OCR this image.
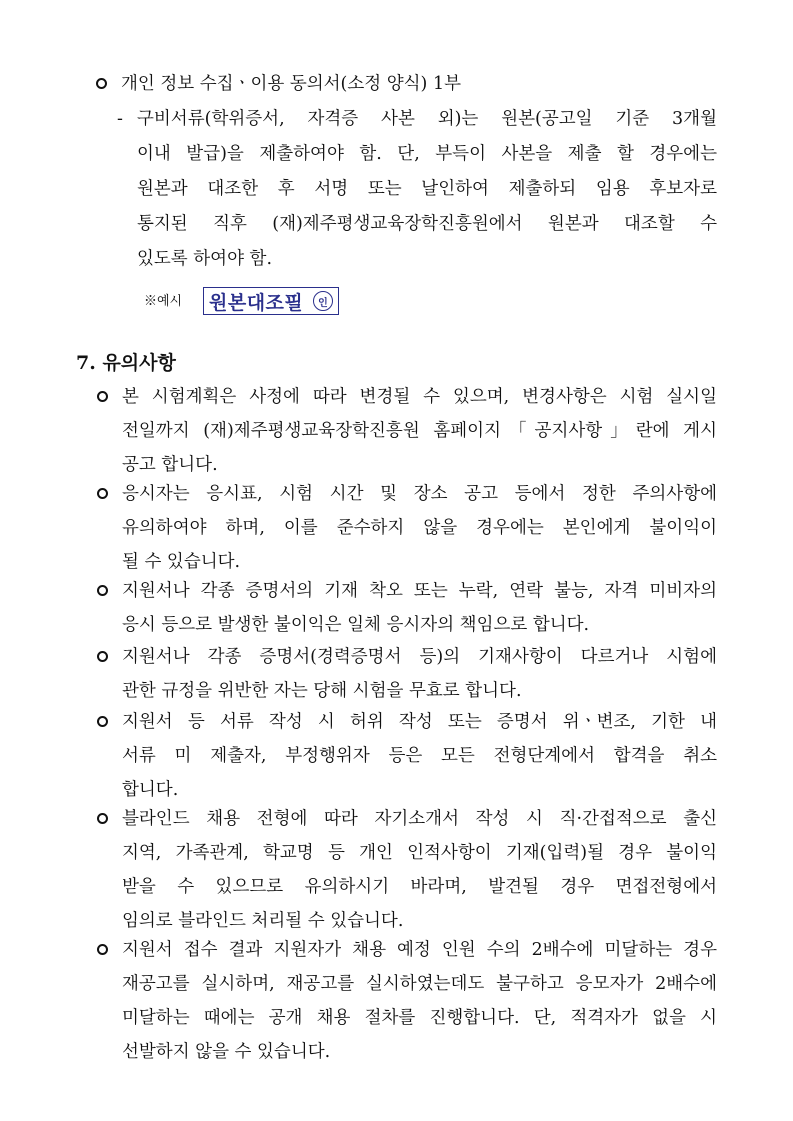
개인 정보 수집ㆍ이용 동의서(소정 양식) 1부
- 구비서류(학위증서, 자격증 사본 외)는 원본(공고일 기준 3개월
이내 발급)을 제출하여야 함. 단, 부득이 사본을 제출 할 경우에는
원본과 대조한 후 서명 또는 날인하여 제출하되 임용 후보자로
통지된 직후 (재)제주평생교육장학진흥원에서 원본과 대조할 수
있도록 하여야 함.
※예시 원본대조필	인
7. 유의사항
본 시험계획은 사정에 따라 변경될 수 있으며, 변경사항은 시험 실시일
전일까지 (재)제주평생교육장학진흥원 홈페이지「공지사항」란에 게시
공고 합니다.
응시자는 응시표, 시험 시간 및 장소 공고 등에서 정한 주의사항에
유의하여야 하며, 이를 준수하지 않을 경우에는 본인에게 불이익이
될 수 있습니다.
지원서나 각종 증명서의 기재 착오 또는 누락, 연락 불능, 자격 미비자의
응시 등으로 발생한 불이익은 일체 응시자의 책임으로 합니다.
지원서나 각종 증명서(경력증명서 등)의 기재사항이 다르거나 시험에
관한 규정을 위반한 자는 당해 시험을 무효로 합니다.
지원서 등 서류 작성 시 허위 작성 또는 증명서 위ㆍ변조, 기한 내
서류 미 제출자, 부정행위자 등은 모든 전형단계에서 합격을 취소
합니다.
블라인드 채용 전형에 따라 자기소개서 작성 시 직·간접적으로 출신
지역, 가족관계, 학교명 등 개인 인적사항이 기재(입력)될 경우 불이익
받을 수 있으므로 유의하시기 바라며, 발견될 경우 면접전형에서
임의로 블라인드 처리될 수 있습니다.
지원서 접수 결과 지원자가 채용 예정 인원 수의 2배수에 미달하는 경우
재공고를 실시하며, 재공고를 실시하였는데도 불구하고 응모자가 2배수에
미달하는 때에는 공개 채용 절차를 진행합니다. 단, 적격자가 없을 시
선발하지 않을 수 있습니다.
